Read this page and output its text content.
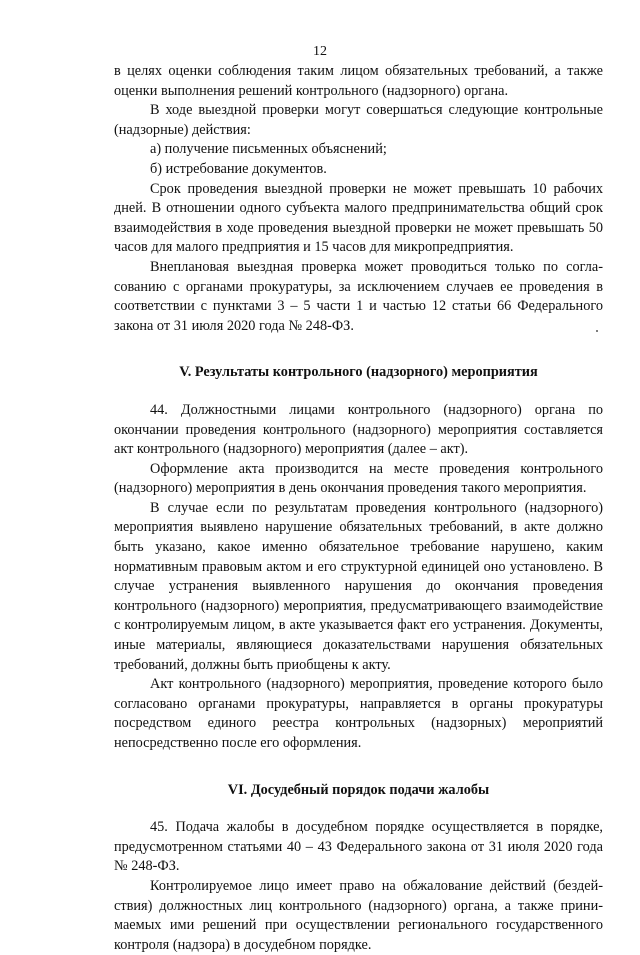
12

в целях оценки соблюдения таким лицом обязательных требований, а также оценки выполнения решений контрольного (надзорного) органа.

В ходе выездной проверки могут совершаться следующие контрольные (надзорные) действия:

а) получение письменных объяснений;

б) истребование документов.

Срок проведения выездной проверки не может превышать 10 рабочих дней. В отношении одного субъекта малого предпринимательства общий срок взаимодействия в ходе проведения выездной проверки не может превышать 50 часов для малого предприятия и 15 часов для микропредприятия.

Внеплановая выездная проверка может проводиться только по согласованию с органами прокуратуры, за исключением случаев ее проведения в соответствии с пунктами 3 – 5 части 1 и частью 12 статьи 66 Федерального закона от 31 июля 2020 года № 248-ФЗ.

V. Результаты контрольного (надзорного) мероприятия

44. Должностными лицами контрольного (надзорного) органа по окончании проведения контрольного (надзорного) мероприятия составляется акт контрольного (надзорного) мероприятия (далее – акт).

Оформление акта производится на месте проведения контрольного (надзорного) мероприятия в день окончания проведения такого мероприятия.

В случае если по результатам проведения контрольного (надзорного) мероприятия выявлено нарушение обязательных требований, в акте должно быть указано, какое именно обязательное требование нарушено, каким нормативным правовым актом и его структурной единицей оно установлено. В случае устранения выявленного нарушения до окончания проведения контрольного (надзорного) мероприятия, предусматривающего взаимодействие с контролируемым лицом, в акте указывается факт его устранения. Документы, иные материалы, являющиеся доказательствами нарушения обязательных требований, должны быть приобщены к акту.

Акт контрольного (надзорного) мероприятия, проведение которого было согласовано органами прокуратуры, направляется в органы прокуратуры посредством единого реестра контрольных (надзорных) мероприятий непосредственно после его оформления.

VI. Досудебный порядок подачи жалобы

45. Подача жалобы в досудебном порядке осуществляется в порядке, предусмотренном статьями 40 – 43 Федерального закона от 31 июля 2020 года № 248-ФЗ.

Контролируемое лицо имеет право на обжалование действий (бездействия) должностных лиц контрольного (надзорного) органа, а также принимаемых ими решений при осуществлении регионального государственного контроля (надзора) в досудебном порядке.
